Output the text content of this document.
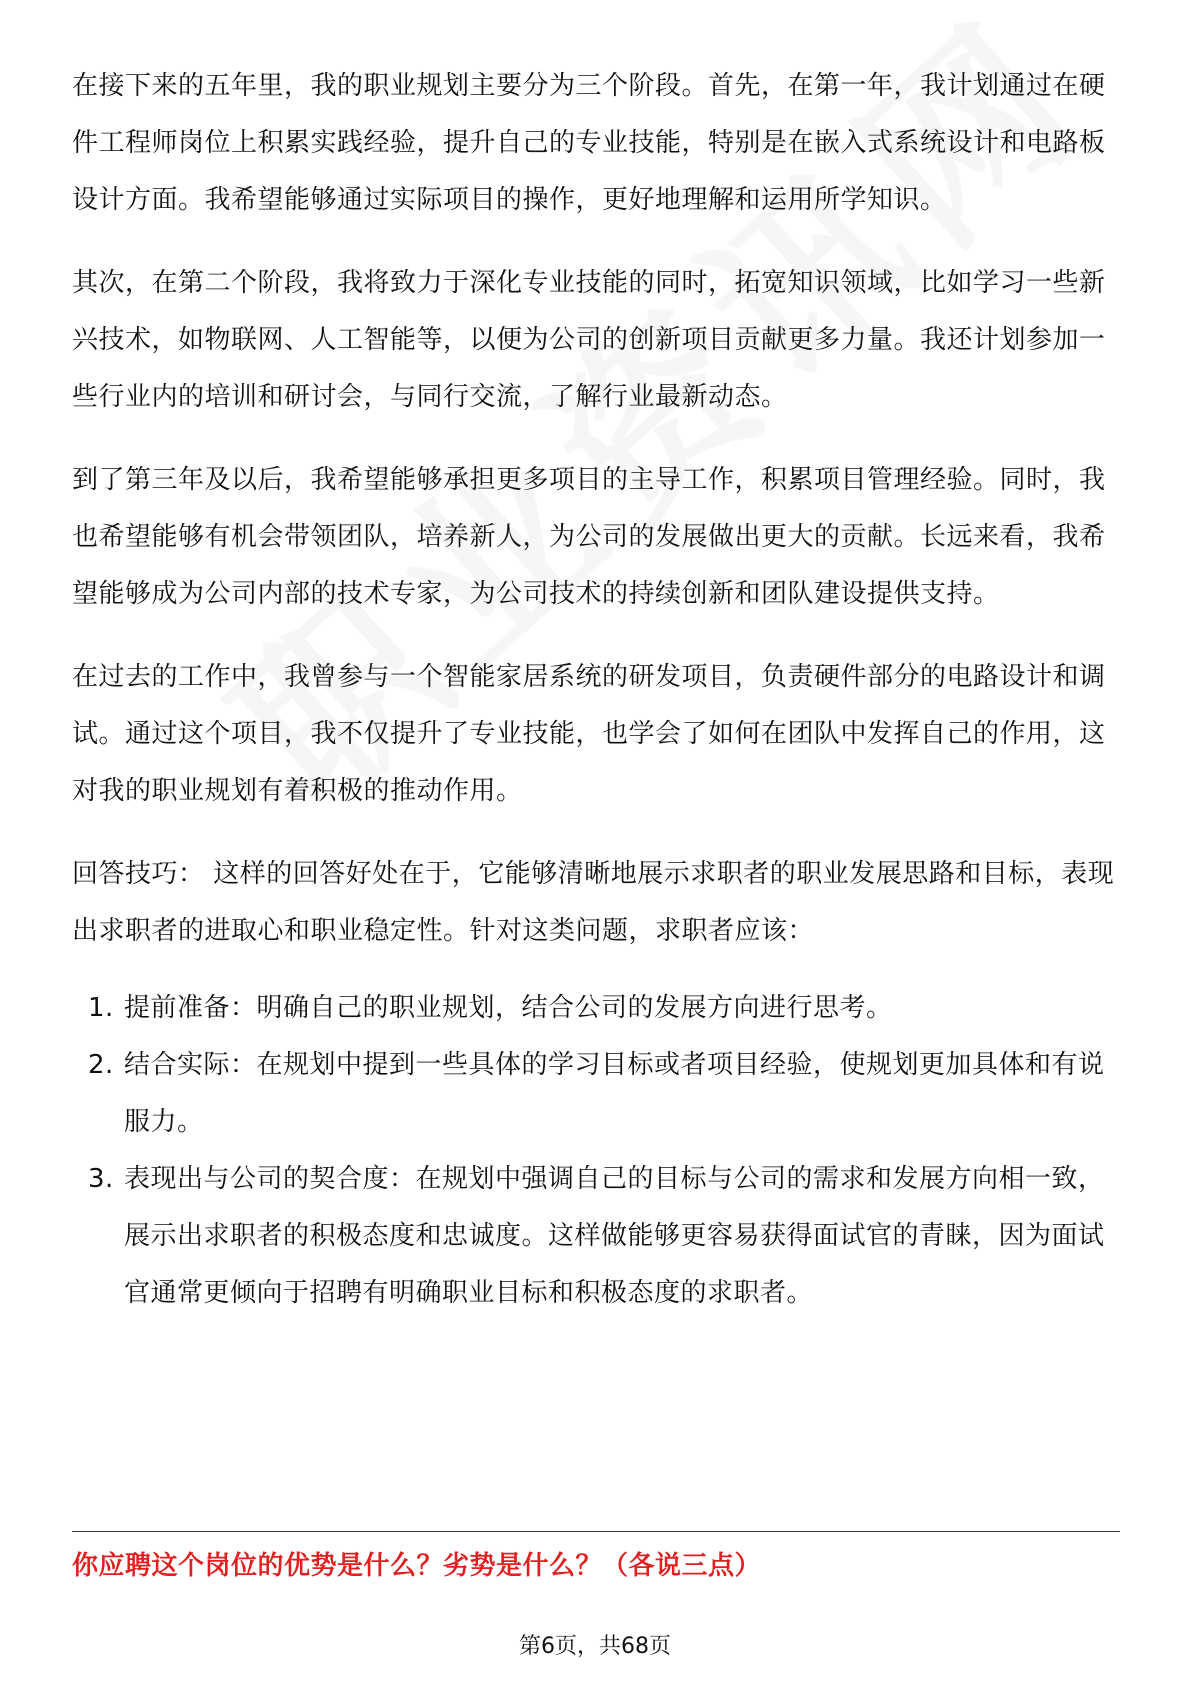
在接下来的五年里，我的职业规划主要分为三个阶段。首先，在第一年，我计划通过在硬件工程师岗位上积累实践经验，提升自己的专业技能，特别是在嵌入式系统设计和电路板设计方面。我希望能够通过实际项目的操作，更好地理解和运用所学知识。

其次，在第二个阶段，我将致力于深化专业技能的同时，拓宽知识领域，比如学习一些新兴技术，如物联网、人工智能等，以便为公司的创新项目贡献更多力量。我还计划参加一些行业内的培训和研讨会，与同行交流，了解行业最新动态。

到了第三年及以后，我希望能够承担更多项目的主导工作，积累项目管理经验。同时，我也希望能够有机会带领团队，培养新人，为公司的发展做出更大的贡献。长远来看，我希望能够成为公司内部的技术专家，为公司技术的持续创新和团队建设提供支持。

在过去的工作中，我曾参与一个智能家居系统的研发项目，负责硬件部分的电路设计和调试。通过这个项目，我不仅提升了专业技能，也学会了如何在团队中发挥自己的作用，这对我的职业规划有着积极的推动作用。

回答技巧： 这样的回答好处在于，它能够清晰地展示求职者的职业发展思路和目标，表现出求职者的进取心和职业稳定性。针对这类问题，求职者应该：

1. 提前准备：明确自己的职业规划，结合公司的发展方向进行思考。
2. 结合实际：在规划中提到一些具体的学习目标或者项目经验，使规划更加具体和有说服力。
3. 表现出与公司的契合度：在规划中强调自己的目标与公司的需求和发展方向相一致，展示出求职者的积极态度和忠诚度。这样做能够更容易获得面试官的青睐，因为面试官通常更倾向于招聘有明确职业目标和积极态度的求职者。
你应聘这个岗位的优势是什么？劣势是什么？（各说三点）
第6页，共68页
